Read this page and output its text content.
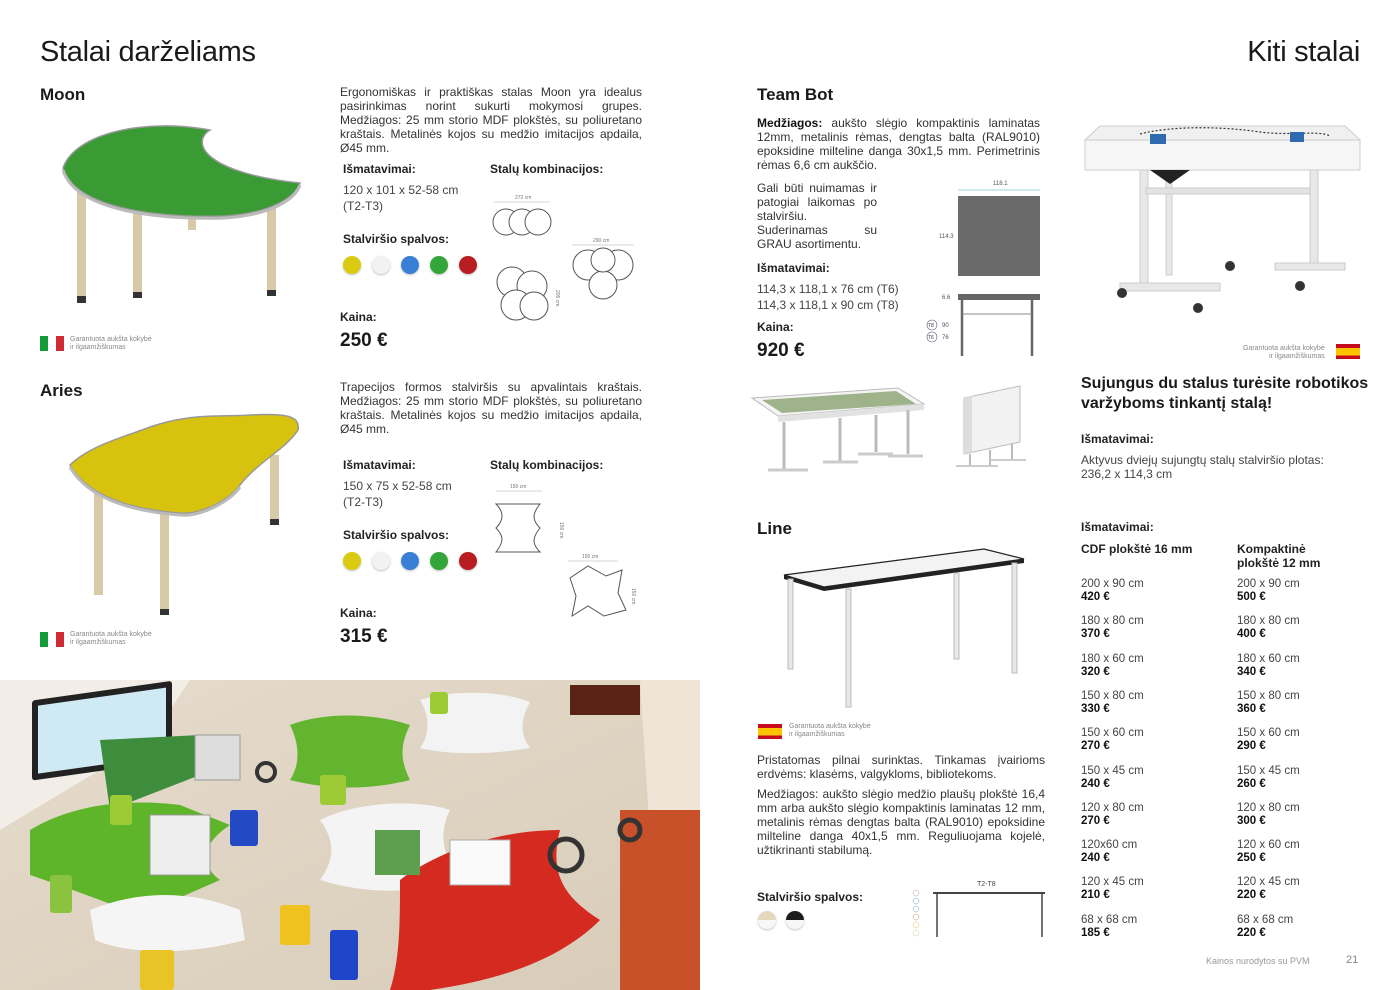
Stalai darželiams
Moon
Garantuota aukšta kokybė
ir ilgaamžiškumas
Ergonomiškas ir praktiškas stalas Moon yra idealus pasirinkimas norint sukurti mokymosi grupes. Medžiagos: 25 mm storio MDF plokštės, su poliuretano kraštais. Metalinės kojos su medžio imitacijos apdaila, Ø45 mm.
Išmatavimai:
120 x 101 x 52-58 cm
(T2-T3)
Stalviršio spalvos:
Kaina:
250 €
Stalų kombinacijos:
272 cm
290 cm
205 cm
Aries
Garantuota aukšta kokybė
ir ilgaamžiškumas
Trapecijos formos stalviršis su apvalintais kraštais. Medžiagos: 25 mm storio MDF plokštės, su poliuretano kraštais. Metalinės kojos su medžio imitacijos apdaila, Ø45 mm.
Išmatavimai:
150 x 75 x 52-58 cm
(T2-T3)
Stalviršio spalvos:
Kaina:
315 €
Stalų kombinacijos:
150 cm
150 cm
150 cm
150 cm
Kiti stalai
Team Bot
Medžiagos: aukšto slėgio kompaktinis laminatas 12mm, metalinis rėmas, dengtas balta (RAL9010) epoksidine milteline danga 30x1,5 mm. Perimetrinis rėmas 6,6 cm aukščio.
Gali būti nuimamas ir patogiai laikomas po stalviršiu. Suderinamas su GRAU asortimentu.
Išmatavimai:
114,3 x 118,1 x 76 cm (T6)
114,3 x 118,1 x 90 cm (T8)
Kaina:
920 €
118.1
114.3
6.6
T8 90
T6 76
Garantuota aukšta kokybė
ir ilgaamžiškumas
Sujungus du stalus turėsite robotikos varžyboms tinkantį stalą!
Išmatavimai:
Aktyvus dviejų sujungtų stalų stalviršio plotas: 236,2 x 114,3 cm
Line
Garantuota aukšta kokybė
ir ilgaamžiškumas
Pristatomas pilnai surinktas. Tinkamas įvairioms erdvėms: klasėms, valgykloms, bibliotekoms.
Medžiagos: aukšto slėgio medžio plaušų plokštė 16,4 mm arba aukšto slėgio kompaktinis laminatas 12 mm, metalinis rėmas dengtas balta (RAL9010) epoksidine milteline danga 40x1,5 mm. Reguliuojama kojelė, užtikrinanti stabilumą.
Stalviršio spalvos:
T2-T8
Išmatavimai:
CDF plokštė 16 mm	Kompaktinė
plokštė 12 mm
200 x 90 cm
420 €
200 x 90 cm
500 €
180 x 80 cm
370 €
180 x 80 cm
400 €
180 x 60 cm
320 €
180 x 60 cm
340 €
150 x 80 cm
330 €
150 x 80 cm
360 €
150 x 60 cm
270 €
150 x 60 cm
290 €
150 x 45 cm
240 €
150 x 45 cm
260 €
120 x 80 cm
270 €
120 x 80 cm
300 €
120x60 cm
240 €
120 x 60 cm
250 €
120 x 45 cm
210 €
120 x 45 cm
220 €
68 x 68 cm
185 €
68 x 68 cm
220 €
Kainos nurodytos su PVM	21
